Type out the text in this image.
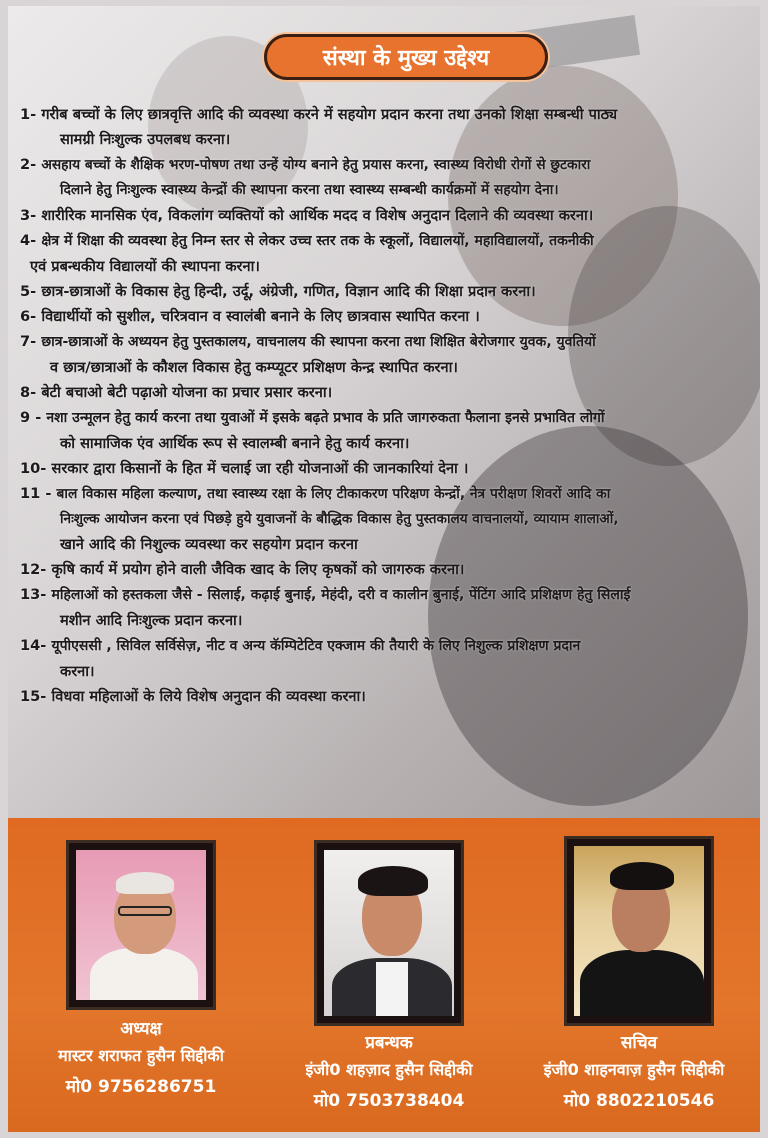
संस्था के मुख्य उद्देश्य
1- गरीब बच्चों के लिए छात्रवृत्ति आदि की व्यवस्था करने में सहयोग प्रदान करना तथा उनको शिक्षा सम्बन्धी पाठ्य
सामग्री निःशुल्क उपलबध करना।
2- असहाय बच्चों के शैक्षिक भरण-पोषण तथा उन्हें योग्य बनाने हेतु प्रयास करना, स्वास्थ्य विरोधी रोगों से छुटकारा
दिलाने हेतु निःशुल्क स्वास्थ्य केन्द्रों की स्थापना करना तथा स्वास्थ्य सम्बन्धी कार्यक्रमों में सहयोग देना।
3- शारीरिक मानसिक एंव, विकलांग व्यक्तियों को आर्थिक मदद व विशेष अनुदान दिलाने की व्यवस्था करना।
4- क्षेत्र में शिक्षा की व्यवस्था हेतु निम्न स्तर से लेकर उच्च स्तर तक के स्कूलों, विद्यालयों, महाविद्यालयों, तकनीकी
एवं प्रबन्धकीय विद्यालयों की स्थापना करना।
5- छात्र-छात्राओं के विकास हेतु हिन्दी, उर्दू, अंग्रेजी, गणित, विज्ञान आदि की शिक्षा प्रदान करना।
6- विद्यार्थीयों को सुशील, चरित्रवान व स्वालंबी बनाने के लिए छात्रवास स्थापित करना ।
7- छात्र-छात्राओं के अध्ययन हेतु पुस्तकालय, वाचनालय की स्थापना करना तथा शिक्षित बेरोजगार युवक, युवतियों
व छात्र/छात्राओं के कौशल विकास हेतु कम्प्यूटर प्रशिक्षण केन्द्र स्थापित करना।
8- बेटी बचाओ बेटी पढ़ाओ योजना का प्रचार प्रसार करना।
9 - नशा उन्मूलन हेतु कार्य करना तथा युवाओं में इसके बढ़ते प्रभाव के प्रति जागरुकता फैलाना इनसे प्रभावित लोगों
को सामाजिक एंव आर्थिक रूप से स्वालम्बी बनाने हेतु कार्य करना।
10- सरकार द्वारा किसानों के हित में चलाई जा रही योजनाओं की जानकारियां देना ।
11 - बाल विकास महिला कल्याण, तथा स्वास्थ्य रक्षा के लिए टीकाकरण परिक्षण केन्द्रों, नेत्र परीक्षण शिवरों आदि का
निःशुल्क आयोजन करना एवं पिछड़े हुये युवाजनों के बौद्धिक विकास हेतु पुस्तकालय वाचनालयों, व्यायाम शालाओं,
खाने आदि की निशुल्क व्यवस्था कर सहयोग प्रदान करना
12- कृषि कार्य में प्रयोग होने वाली जैविक खाद के लिए कृषकों को जागरुक करना।
13- महिलाओं को हस्तकला जैसे - सिलाई, कढ़ाई बुनाई, मेहंदी, दरी व कालीन बुनाई, पेंटिंग आदि प्रशिक्षण हेतु सिलाई
मशीन आदि निःशुल्क प्रदान करना।
14- यूपीएससी , सिविल सर्विसेज़, नीट व अन्य कॅम्पिटेटिव एक्जाम की तैयारी के लिए निशुल्क प्रशिक्षण प्रदान
करना।
15- विधवा महिलाओं के लिये विशेष अनुदान की व्यवस्था करना।
अध्यक्ष
मास्टर शराफत हुसैन सिद्दीकी
मो0 9756286751
प्रबन्धक
इंजी0 शहज़ाद हुसैन सिद्दीकी
मो0 7503738404
सचिव
इंजी0 शाहनवाज़ हुसैन सिद्दीकी
मो0 8802210546
